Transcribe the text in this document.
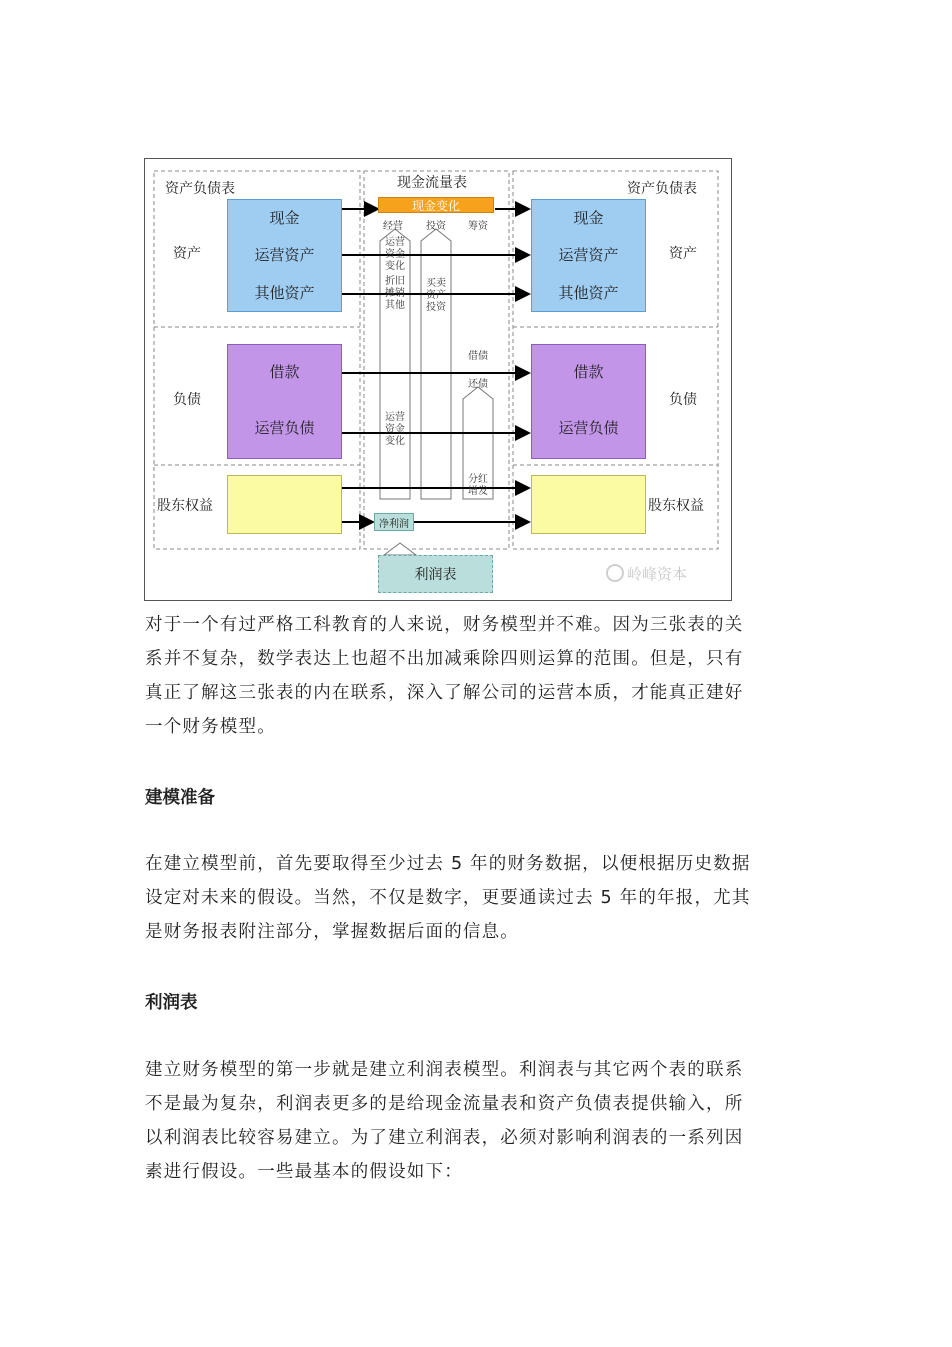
资产负债表	现金流量表	资产负债表
现金变化
经营 投资 筹资
资产
负债
股东权益
资产
负债
股东权益
现金
运营资产
其他资产
现金
运营资产
其他资产
借款
运营负债
借款
运营负债
运营
资金
变化
折旧
摊销
其他
买卖
资产
投资
借债
还债
运营
资金
变化
分红
增发
净利润
利润表	岭峰资本
对于一个有过严格工科教育的人来说，财务模型并不难。因为三张表的关
系并不复杂，数学表达上也超不出加减乘除四则运算的范围。但是，只有
真正了解这三张表的内在联系，深入了解公司的运营本质，才能真正建好
一个财务模型。
建模准备
在建立模型前，首先要取得至少过去 5 年的财务数据，以便根据历史数据
设定对未来的假设。当然，不仅是数字，更要通读过去 5 年的年报，尤其
是财务报表附注部分，掌握数据后面的信息。
利润表
建立财务模型的第一步就是建立利润表模型。利润表与其它两个表的联系
不是最为复杂，利润表更多的是给现金流量表和资产负债表提供输入，所
以利润表比较容易建立。为了建立利润表，必须对影响利润表的一系列因
素进行假设。一些最基本的假设如下：
